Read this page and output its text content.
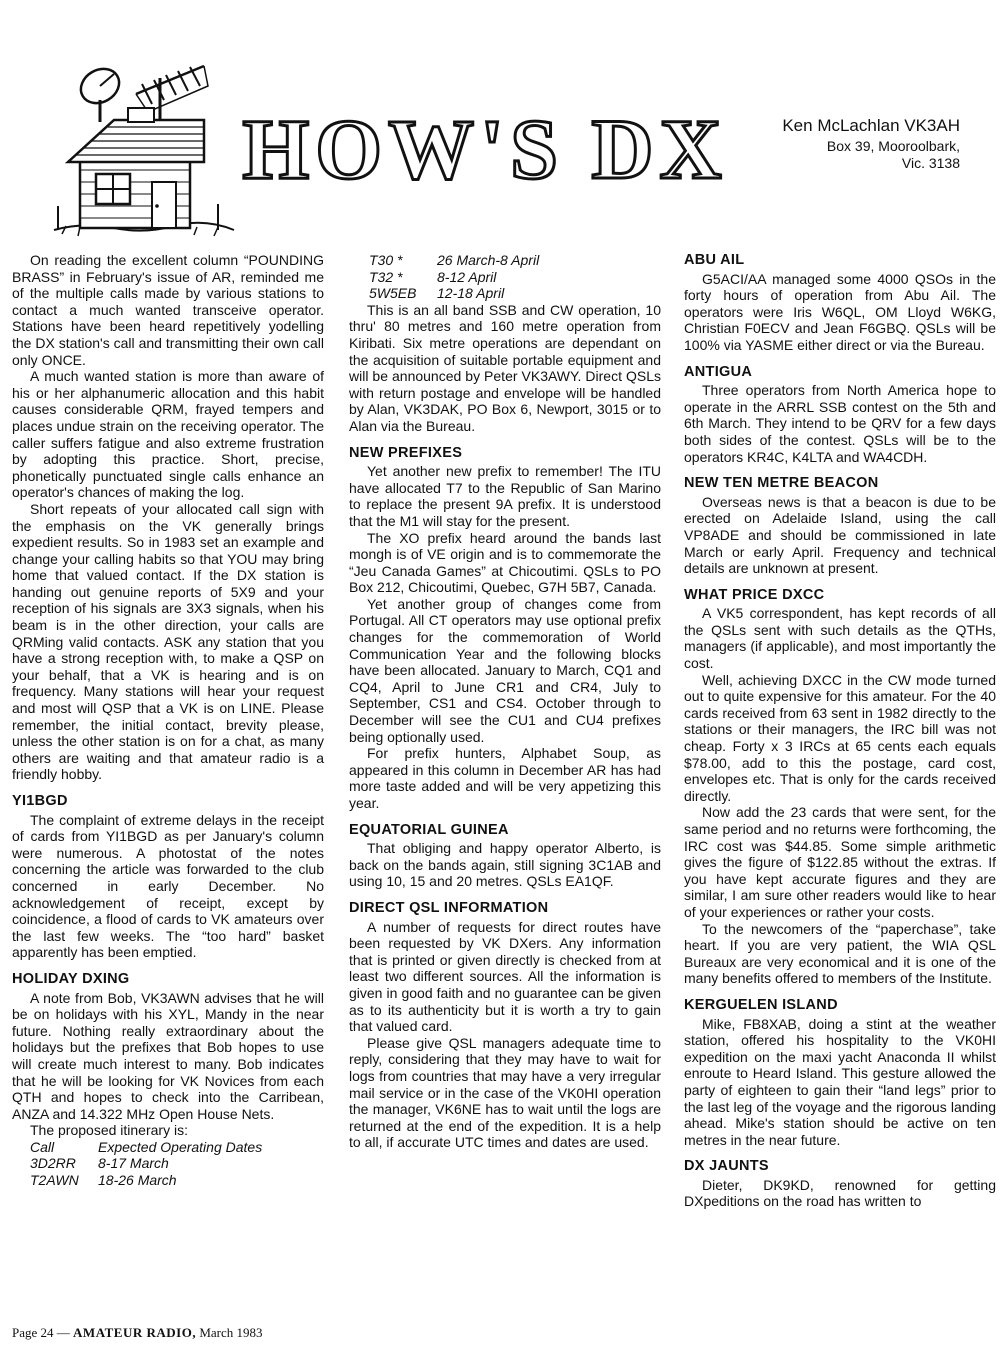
HOW'S DX	Ken McLachlan VK3AH
Box 39, Mooroolbark,
Vic. 3138

On reading the excellent column “POUNDING BRASS” in February's issue of AR, reminded me of the multiple calls made by various stations to contact a much wanted transceive operator. Stations have been heard repetitively yodelling the DX station's call and transmitting their own call only ONCE.

A much wanted station is more than aware of his or her alphanumeric allocation and this habit causes considerable QRM, frayed tempers and places undue strain on the receiving operator. The caller suffers fatigue and also extreme frustration by adopting this practice. Short, precise, phonetically punctuated single calls enhance an operator's chances of making the log.

Short repeats of your allocated call sign with the emphasis on the VK generally brings expedient results. So in 1983 set an example and change your calling habits so that YOU may bring home that valued contact. If the DX station is handing out genuine reports of 5X9 and your reception of his signals are 3X3 signals, when his beam is in the other direction, your calls are QRMing valid contacts. ASK any station that you have a strong reception with, to make a QSP on your behalf, that a VK is hearing and is on frequency. Many stations will hear your request and most will QSP that a VK is on LINE. Please remember, the initial contact, brevity please, unless the other station is on for a chat, as many others are waiting and that amateur radio is a friendly hobby.

YI1BGD

The complaint of extreme delays in the receipt of cards from YI1BGD as per January's column were numerous. A photostat of the notes concerning the article was forwarded to the club concerned in early December. No acknowledgement of receipt, except by coincidence, a flood of cards to VK amateurs over the last few weeks. The “too hard” basket apparently has been emptied.

HOLIDAY DXING

A note from Bob, VK3AWN advises that he will be on holidays with his XYL, Mandy in the near future. Nothing really extraordinary about the holidays but the prefixes that Bob hopes to use will create much interest to many. Bob indicates that he will be looking for VK Novices from each QTH and hopes to check into the Carribean, ANZA and 14.322 MHz Open House Nets.

The proposed itinerary is:

Call	Expected Operating Dates
3D2RR	8-17 March
T2AWN	18-26 March
T30 *	26 March-8 April
T32 *	8-12 April
5W5EB	12-18 April

This is an all band SSB and CW operation, 10 thru' 80 metres and 160 metre operation from Kiribati. Six metre operations are dependant on the acquisition of suitable portable equipment and will be announced by Peter VK3AWY. Direct QSLs with return postage and envelope will be handled by Alan, VK3DAK, PO Box 6, Newport, 3015 or to Alan via the Bureau.

NEW PREFIXES

Yet another new prefix to remember! The ITU have allocated T7 to the Republic of San Marino to replace the present 9A prefix. It is understood that the M1 will stay for the present.

The XO prefix heard around the bands last mongh is of VE origin and is to commemorate the “Jeu Canada Games” at Chicoutimi. QSLs to PO Box 212, Chicoutimi, Quebec, G7H 5B7, Canada.

Yet another group of changes come from Portugal. All CT operators may use optional prefix changes for the commemoration of World Communication Year and the following blocks have been allocated. January to March, CQ1 and CQ4, April to June CR1 and CR4, July to September, CS1 and CS4. October through to December will see the CU1 and CU4 prefixes being optionally used.

For prefix hunters, Alphabet Soup, as appeared in this column in December AR has had more taste added and will be very appetizing this year.

EQUATORIAL GUINEA

That obliging and happy operator Alberto, is back on the bands again, still signing 3C1AB and using 10, 15 and 20 metres. QSLs EA1QF.

DIRECT QSL INFORMATION

A number of requests for direct routes have been requested by VK DXers. Any information that is printed or given directly is checked from at least two different sources. All the information is given in good faith and no guarantee can be given as to its authenticity but it is worth a try to gain that valued card.

Please give QSL managers adequate time to reply, considering that they may have to wait for logs from countries that may have a very irregular mail service or in the case of the VK0HI operation the manager, VK6NE has to wait until the logs are returned at the end of the expedition. It is a help to all, if accurate UTC times and dates are used.

ABU AIL

G5ACI/AA managed some 4000 QSOs in the forty hours of operation from Abu Ail. The operators were Iris W6QL, OM Lloyd W6KG, Christian F0ECV and Jean F6GBQ. QSLs will be 100% via YASME either direct or via the Bureau.

ANTIGUA

Three operators from North America hope to operate in the ARRL SSB contest on the 5th and 6th March. They intend to be QRV for a few days both sides of the contest. QSLs will be to the operators KR4C, K4LTA and WA4CDH.

NEW TEN METRE BEACON

Overseas news is that a beacon is due to be erected on Adelaide Island, using the call VP8ADE and should be commissioned in late March or early April. Frequency and technical details are unknown at present.

WHAT PRICE DXCC

A VK5 correspondent, has kept records of all the QSLs sent with such details as the QTHs, managers (if applicable), and most importantly the cost.

Well, achieving DXCC in the CW mode turned out to quite expensive for this amateur. For the 40 cards received from 63 sent in 1982 directly to the stations or their managers, the IRC bill was not cheap. Forty x 3 IRCs at 65 cents each equals $78.00, add to this the postage, card cost, envelopes etc. That is only for the cards received directly.

Now add the 23 cards that were sent, for the same period and no returns were forthcoming, the IRC cost was $44.85. Some simple arithmetic gives the figure of $122.85 without the extras. If you have kept accurate figures and they are similar, I am sure other readers would like to hear of your experiences or rather your costs.

To the newcomers of the “paperchase”, take heart. If you are very patient, the WIA QSL Bureaux are very economical and it is one of the many benefits offered to members of the Institute.

KERGUELEN ISLAND

Mike, FB8XAB, doing a stint at the weather station, offered his hospitality to the VK0HI expedition on the maxi yacht Anaconda II whilst enroute to Heard Island. This gesture allowed the party of eighteen to gain their “land legs” prior to the last leg of the voyage and the rigorous landing ahead. Mike's station should be active on ten metres in the near future.

DX JAUNTS

Dieter, DK9KD, renowned for getting DXpeditions on the road has written to

Page 24 — AMATEUR RADIO, March 1983
